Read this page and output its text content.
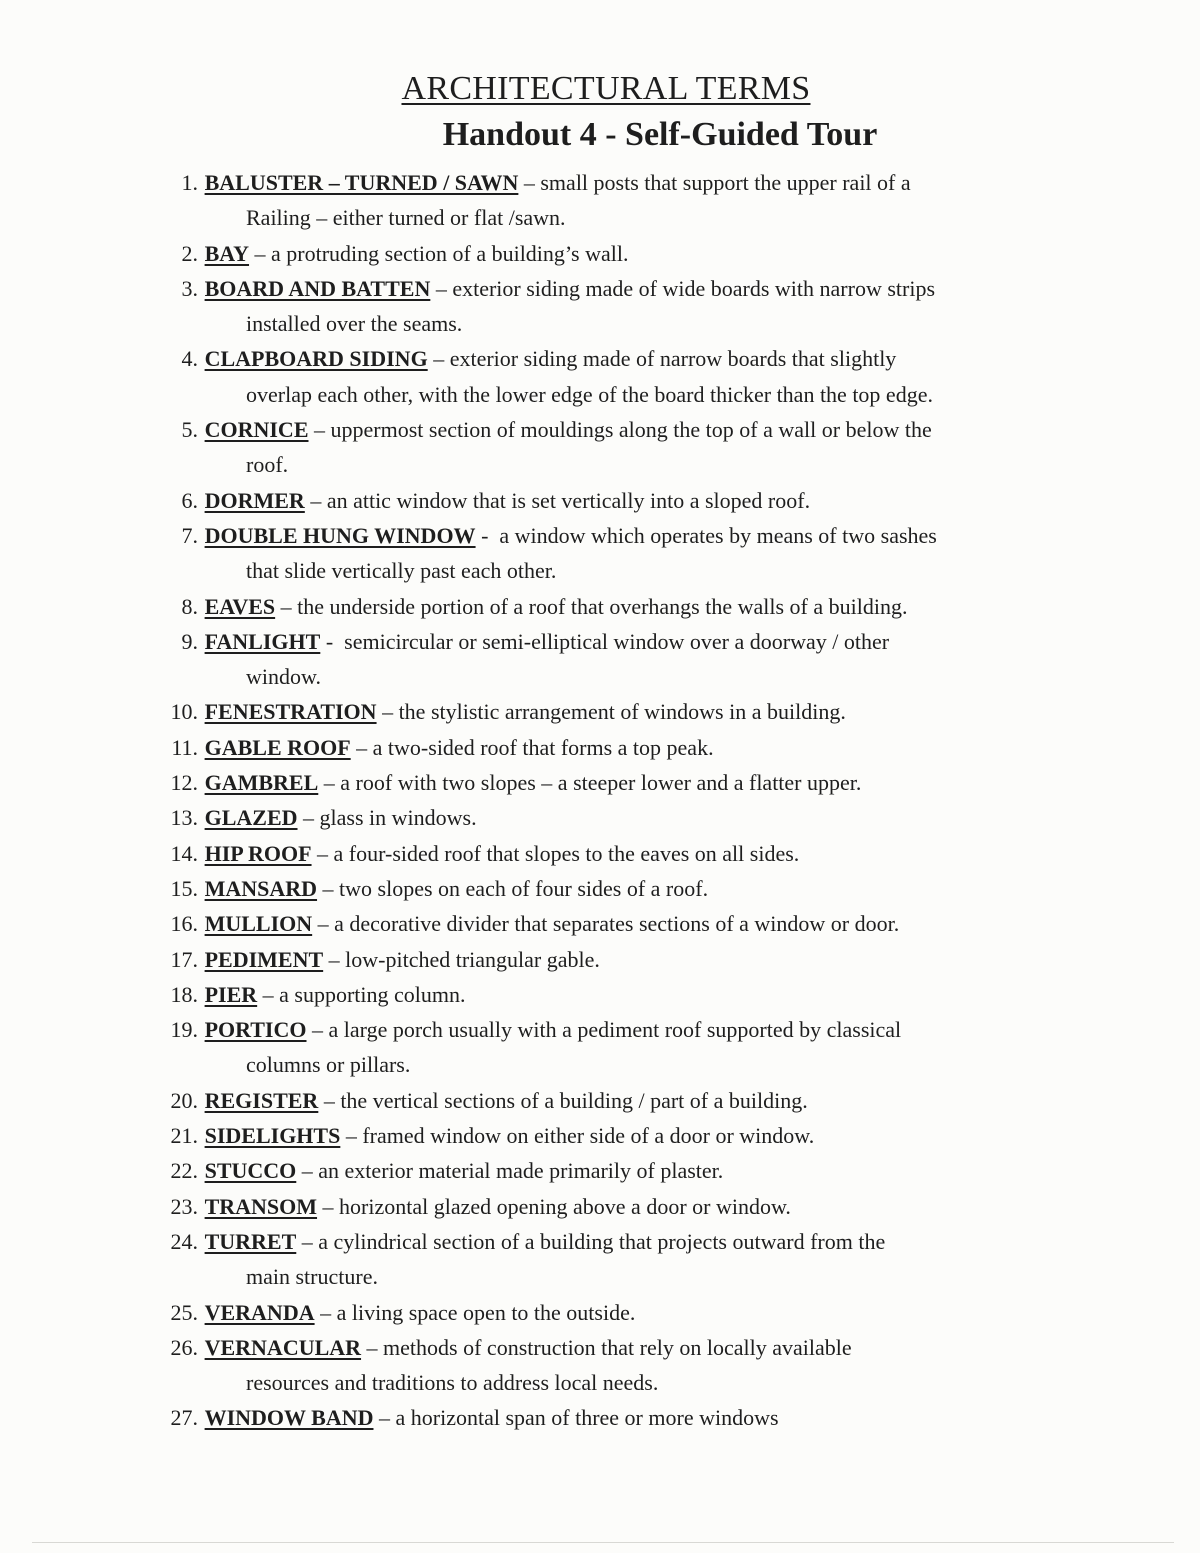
ARCHITECTURAL TERMS
Handout 4 - Self-Guided Tour
1. BALUSTER – TURNED / SAWN – small posts that support the upper rail of a
Railing – either turned or flat /sawn.
2. BAY – a protruding section of a building’s wall.
3. BOARD AND BATTEN – exterior siding made of wide boards with narrow strips
installed over the seams.
4. CLAPBOARD SIDING – exterior siding made of narrow boards that slightly
overlap each other, with the lower edge of the board thicker than the top edge.
5. CORNICE – uppermost section of mouldings along the top of a wall or below the
roof.
6. DORMER – an attic window that is set vertically into a sloped roof.
7. DOUBLE HUNG WINDOW -  a window which operates by means of two sashes
that slide vertically past each other.
8. EAVES – the underside portion of a roof that overhangs the walls of a building.
9. FANLIGHT -  semicircular or semi-elliptical window over a doorway / other
window.
10. FENESTRATION – the stylistic arrangement of windows in a building.
11. GABLE ROOF – a two-sided roof that forms a top peak.
12. GAMBREL – a roof with two slopes – a steeper lower and a flatter upper.
13. GLAZED – glass in windows.
14. HIP ROOF – a four-sided roof that slopes to the eaves on all sides.
15. MANSARD – two slopes on each of four sides of a roof.
16. MULLION – a decorative divider that separates sections of a window or door.
17. PEDIMENT – low-pitched triangular gable.
18. PIER – a supporting column.
19. PORTICO – a large porch usually with a pediment roof supported by classical
columns or pillars.
20. REGISTER – the vertical sections of a building / part of a building.
21. SIDELIGHTS – framed window on either side of a door or window.
22. STUCCO – an exterior material made primarily of plaster.
23. TRANSOM – horizontal glazed opening above a door or window.
24. TURRET – a cylindrical section of a building that projects outward from the
main structure.
25. VERANDA – a living space open to the outside.
26. VERNACULAR – methods of construction that rely on locally available
resources and traditions to address local needs.
27. WINDOW BAND – a horizontal span of three or more windows
